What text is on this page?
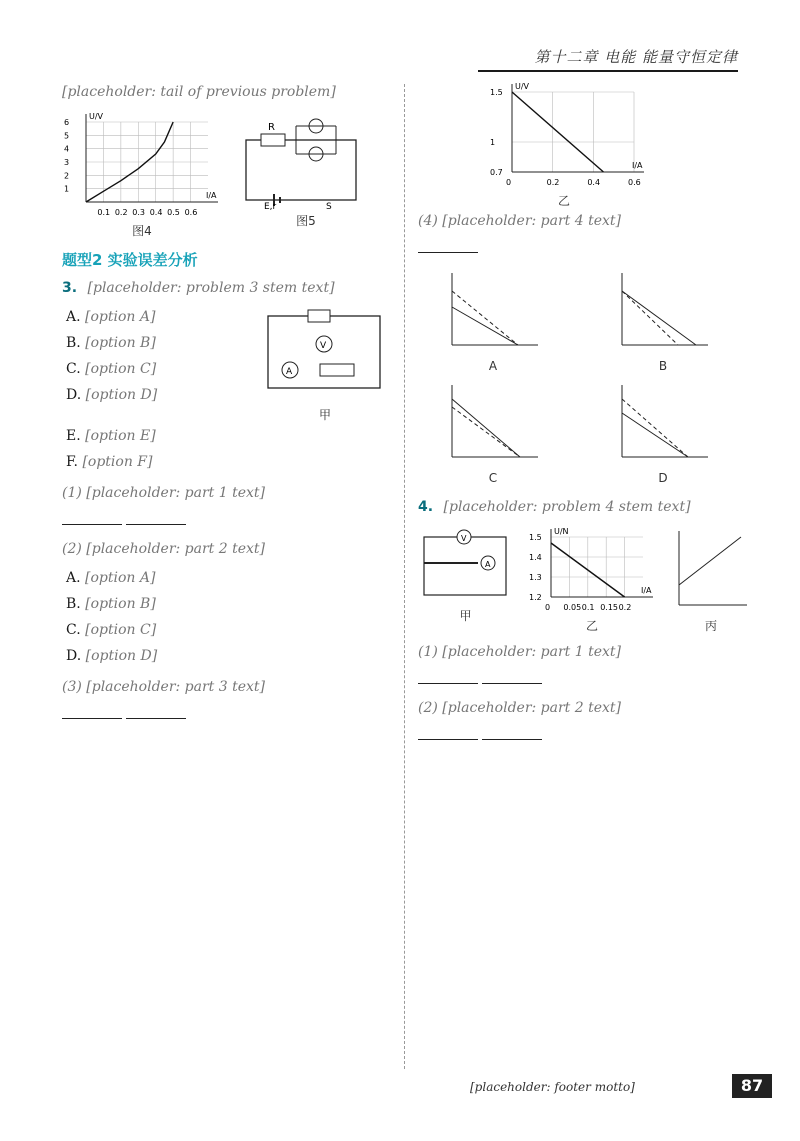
第十二章 电能 能量守恒定律

[placeholder: tail of previous problem]

0.1 0.2 0.3 0.4 0.5 0.6
1
2
3
4
5
6
I/A
U/V
图4
R
E,r	S
图5
题型2 实验误差分析

3. [placeholder: problem 3 stem text]

A. [option A]
B. [option B]
C. [option C]
D. [option D]
V
A
甲
E. [option E]
F. [option F]

(1) [placeholder: part 1 text]

(2) [placeholder: part 2 text]

A. [option A]
B. [option B]
C. [option C]
D. [option D]

(3) [placeholder: part 3 text]

0	0.2	0.4	0.6
0.7
1
1.5
I/A
U/V
乙

(4) [placeholder: part 4 text]

A	B
C	D

4. [placeholder: problem 4 stem text]

V
A
甲
0 0.05 0.1 0.15 0.2
1.2
1.3
1.4
1.5
I/A
U/N
乙	丙

(1) [placeholder: part 1 text]

(2) [placeholder: part 2 text]

[placeholder: footer motto]	87
